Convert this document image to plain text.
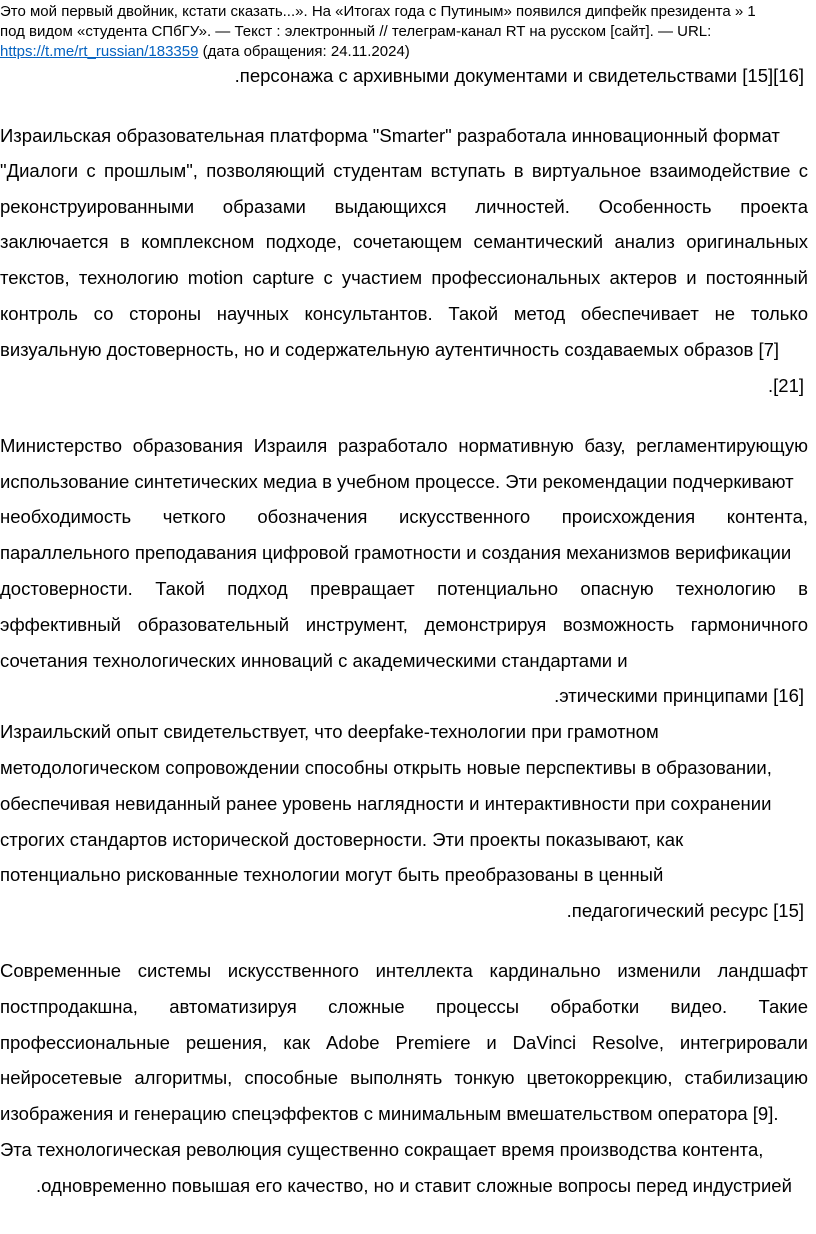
Это мой первый двойник, кстати сказать...». На «Итогах года с Путиным» появился дипфейк президента » 1
под видом «студента СПбГУ». — Текст : электронный // телеграм-канал RT на русском [сайт]. — URL:
https://t.me/rt_russian/183359 (дата обращения: 24.11.2024)
.персонажа с архивными документами и свидетельствами [15][16]
Израильская образовательная платформа "Smarter" разработала инновационный формат
"Диалоги с прошлым", позволяющий студентам вступать в виртуальное взаимодействие с
реконструированными образами выдающихся личностей. Особенность проекта
заключается в комплексном подходе, сочетающем семантический анализ оригинальных
текстов, технологию motion capture с участием профессиональных актеров и постоянный
контроль со стороны научных консультантов. Такой метод обеспечивает не только
визуальную достоверность, но и содержательную аутентичность создаваемых образов [7]
.[21]
Министерство образования Израиля разработало нормативную базу, регламентирующую
использование синтетических медиа в учебном процессе. Эти рекомендации подчеркивают
необходимость четкого обозначения искусственного происхождения контента,
параллельного преподавания цифровой грамотности и создания механизмов верификации
достоверности. Такой подход превращает потенциально опасную технологию в
эффективный образовательный инструмент, демонстрируя возможность гармоничного
сочетания технологических инноваций с академическими стандартами и
.этическими принципами [16]
Израильский опыт свидетельствует, что deepfake-технологии при грамотном
методологическом сопровождении способны открыть новые перспективы в образовании,
обеспечивая невиданный ранее уровень наглядности и интерактивности при сохранении
строгих стандартов исторической достоверности. Эти проекты показывают, как
потенциально рискованные технологии могут быть преобразованы в ценный
.педагогический ресурс [15]
Современные системы искусственного интеллекта кардинально изменили ландшафт
постпродакшна, автоматизируя сложные процессы обработки видео. Такие
профессиональные решения, как Adobe Premiere и DaVinci Resolve, интегрировали
нейросетевые алгоритмы, способные выполнять тонкую цветокоррекцию, стабилизацию
изображения и генерацию спецэффектов с минимальным вмешательством оператора [9].
Эта технологическая революция существенно сокращает время производства контента,
.одновременно повышая его качество, но и ставит сложные вопросы перед индустрией
